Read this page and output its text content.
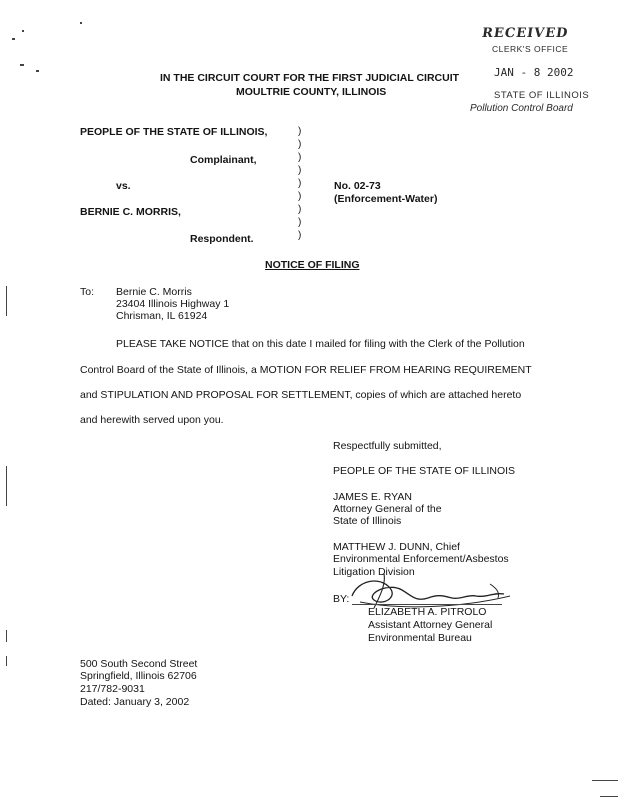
RECEIVED
CLERK'S OFFICE
JAN - 8 2002
STATE OF ILLINOIS
Pollution Control Board
IN THE CIRCUIT COURT FOR THE FIRST JUDICIAL CIRCUIT
MOULTRIE COUNTY, ILLINOIS
PEOPLE OF THE STATE OF ILLINOIS,
Complainant,
vs.
BERNIE C. MORRIS,
Respondent.
)
)
)
)
)
)
)
)
)
No. 02-73
(Enforcement-Water)
NOTICE OF FILING
To: Bernie C. Morris
23404 Illinois Highway 1
Chrisman, IL 61924
PLEASE TAKE NOTICE that on this date I mailed for filing with the Clerk of the Pollution
Control Board of the State of Illinois, a MOTION FOR RELIEF FROM HEARING REQUIREMENT
and STIPULATION AND PROPOSAL FOR SETTLEMENT, copies of which are attached hereto
and herewith served upon you.
Respectfully submitted,
PEOPLE OF THE STATE OF ILLINOIS
JAMES E. RYAN
Attorney General of the
State of Illinois
MATTHEW J. DUNN, Chief
Environmental Enforcement/Asbestos
Litigation Division
BY:
ELIZABETH A. PITROLO
Assistant Attorney General
Environmental Bureau
500 South Second Street
Springfield, Illinois 62706
217/782-9031
Dated: January 3, 2002
